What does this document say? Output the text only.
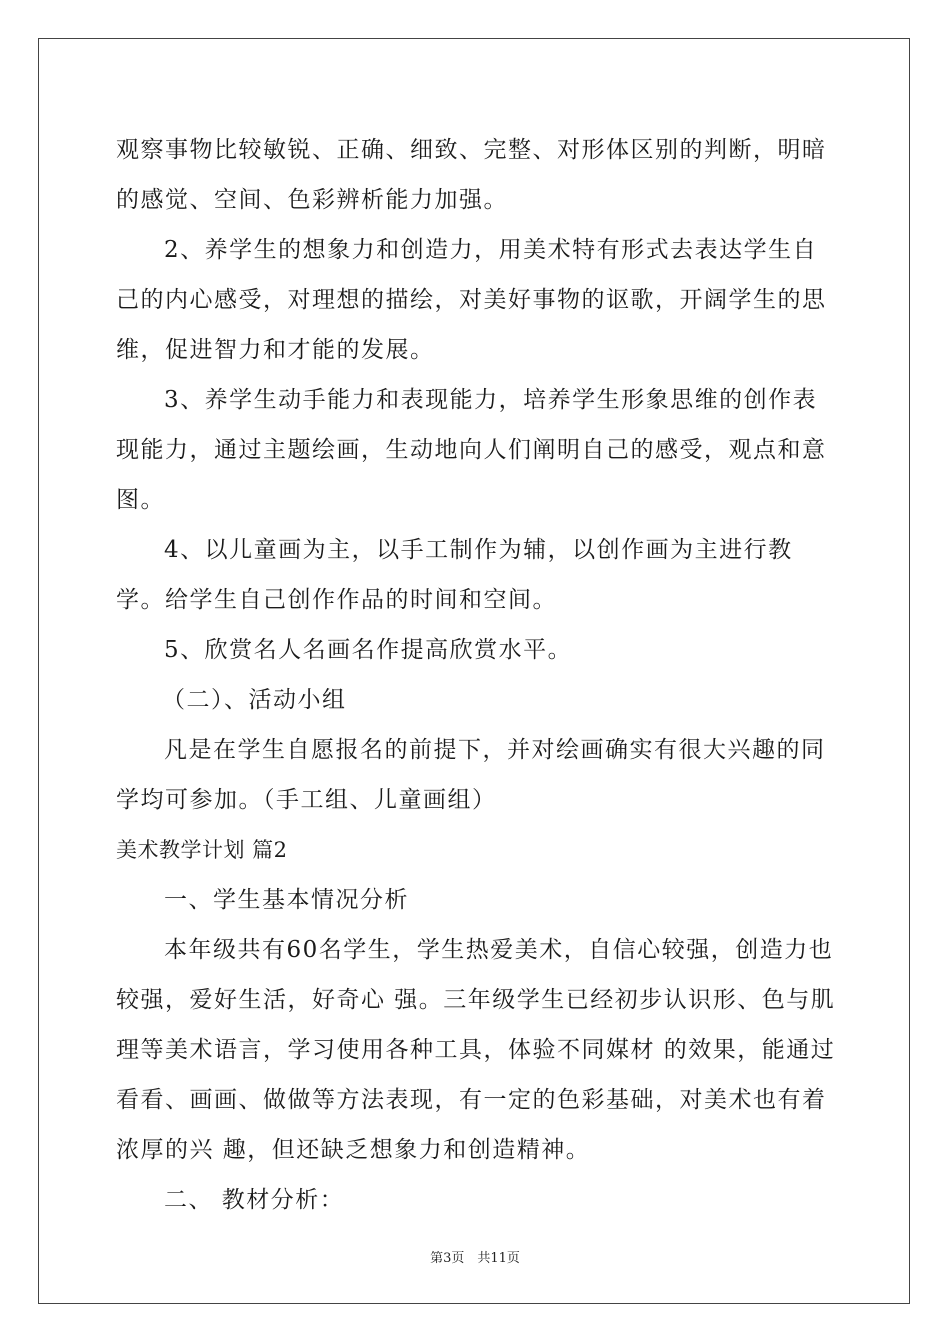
观察事物比较敏锐、正确、细致、完整、对形体区别的判断，明暗的感觉、空间、色彩辨析能力加强。

2、养学生的想象力和创造力，用美术特有形式去表达学生自己的内心感受，对理想的描绘，对美好事物的讴歌，开阔学生的思维，促进智力和才能的发展。

3、养学生动手能力和表现能力，培养学生形象思维的创作表现能力，通过主题绘画，生动地向人们阐明自己的感受，观点和意图。

4、以儿童画为主，以手工制作为辅，以创作画为主进行教学。给学生自己创作作品的时间和空间。

5、欣赏名人名画名作提高欣赏水平。

（二）、活动小组

凡是在学生自愿报名的前提下，并对绘画确实有很大兴趣的同学均可参加。（手工组、儿童画组）

美术教学计划 篇2

一、学生基本情况分析

本年级共有60名学生，学生热爱美术，自信心较强，创造力也较强，爱好生活，好奇心 强。三年级学生已经初步认识形、色与肌理等美术语言，学习使用各种工具，体验不同媒材 的效果，能通过看看、画画、做做等方法表现，有一定的色彩基础，对美术也有着浓厚的兴 趣，但还缺乏想象力和创造精神。

二、 教材分析：

第3页　共11页
